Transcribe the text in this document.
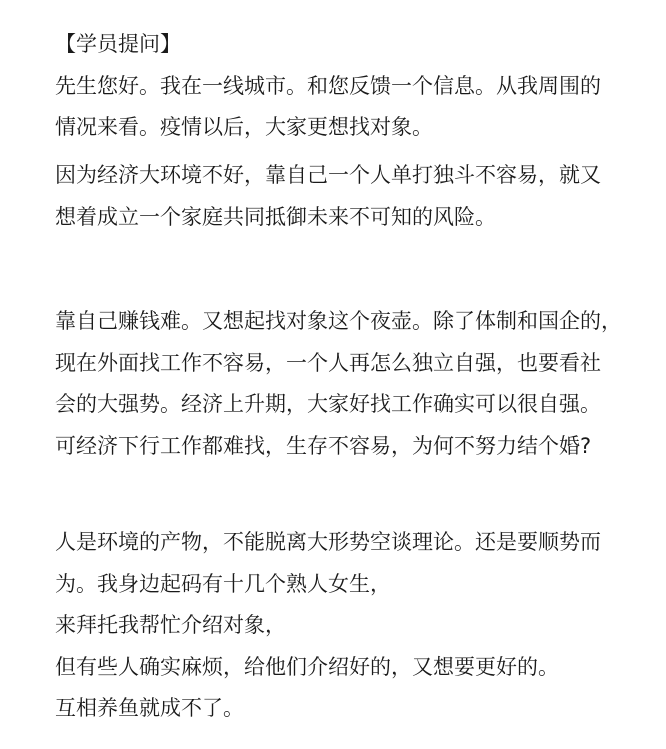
【学员提问】
先生您好。我在一线城市。和您反馈一个信息。从我周围的
情况来看。疫情以后，大家更想找对象。
因为经济大环境不好，靠自己一个人单打独斗不容易，就又
想着成立一个家庭共同抵御未来不可知的风险。
靠自己赚钱难。又想起找对象这个夜壶。除了体制和国企的，
现在外面找工作不容易，一个人再怎么独立自强，也要看社
会的大强势。经济上升期，大家好找工作确实可以很自强。
可经济下行工作都难找，生存不容易，为何不努力结个婚?
人是环境的产物，不能脱离大形势空谈理论。还是要顺势而
为。我身边起码有十几个熟人女生，
来拜托我帮忙介绍对象，
但有些人确实麻烦，给他们介绍好的，又想要更好的。
互相养鱼就成不了。
